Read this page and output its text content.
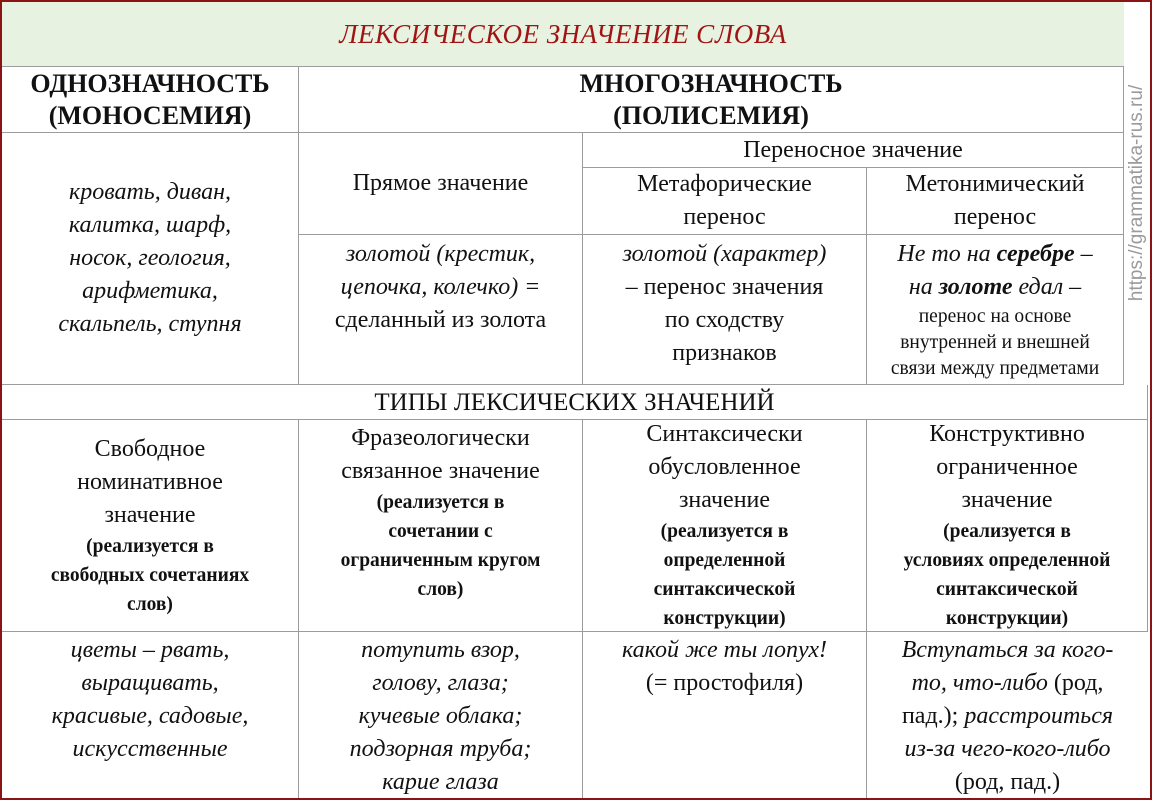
ЛЕКСИЧЕСКОЕ ЗНАЧЕНИЕ СЛОВА
https://grammatika-rus.ru/

ОДНОЗНАЧНОСТЬ

(МОНОСЕМИЯ)

МНОГОЗНАЧНОСТЬ

(ПОЛИСЕМИЯ)

кровать, диван,

калитка, шарф,

носок, геология,

арифметика,

скальпель, ступня

Прямое значение

Переносное значение

Метафорические

перенос

Метонимический

перенос

золотой (крестик,

цепочка, колечко) =

сделанный из золота

золотой (характер)

– перенос значения

по сходству

признаков

Не то на серебре –

на золоте едал –

перенос на основе

внутренней и внешней

связи между предметами

ТИПЫ ЛЕКСИЧЕСКИХ ЗНАЧЕНИЙ

Свободное

номинативное

значение

(реализуется в

свободных сочетаниях

слов)

Фразеологически

связанное значение

(реализуется в

сочетании с

ограниченным кругом

слов)

Синтаксически

обусловленное

значение

(реализуется в

определенной

синтаксической

конструкции)

Конструктивно

ограниченное

значение

(реализуется в

условиях определенной

синтаксической

конструкции)

цветы – рвать,

выращивать,

красивые, садовые,

искусственные

потупить взор,

голову, глаза;

кучевые облака;

подзорная труба;

карие глаза

какой же ты лопух!

(= простофиля)

Вступаться за кого-

то, что-либо (род,

пад.); расстроиться

из-за чего-кого-либо

(род, пад.)
